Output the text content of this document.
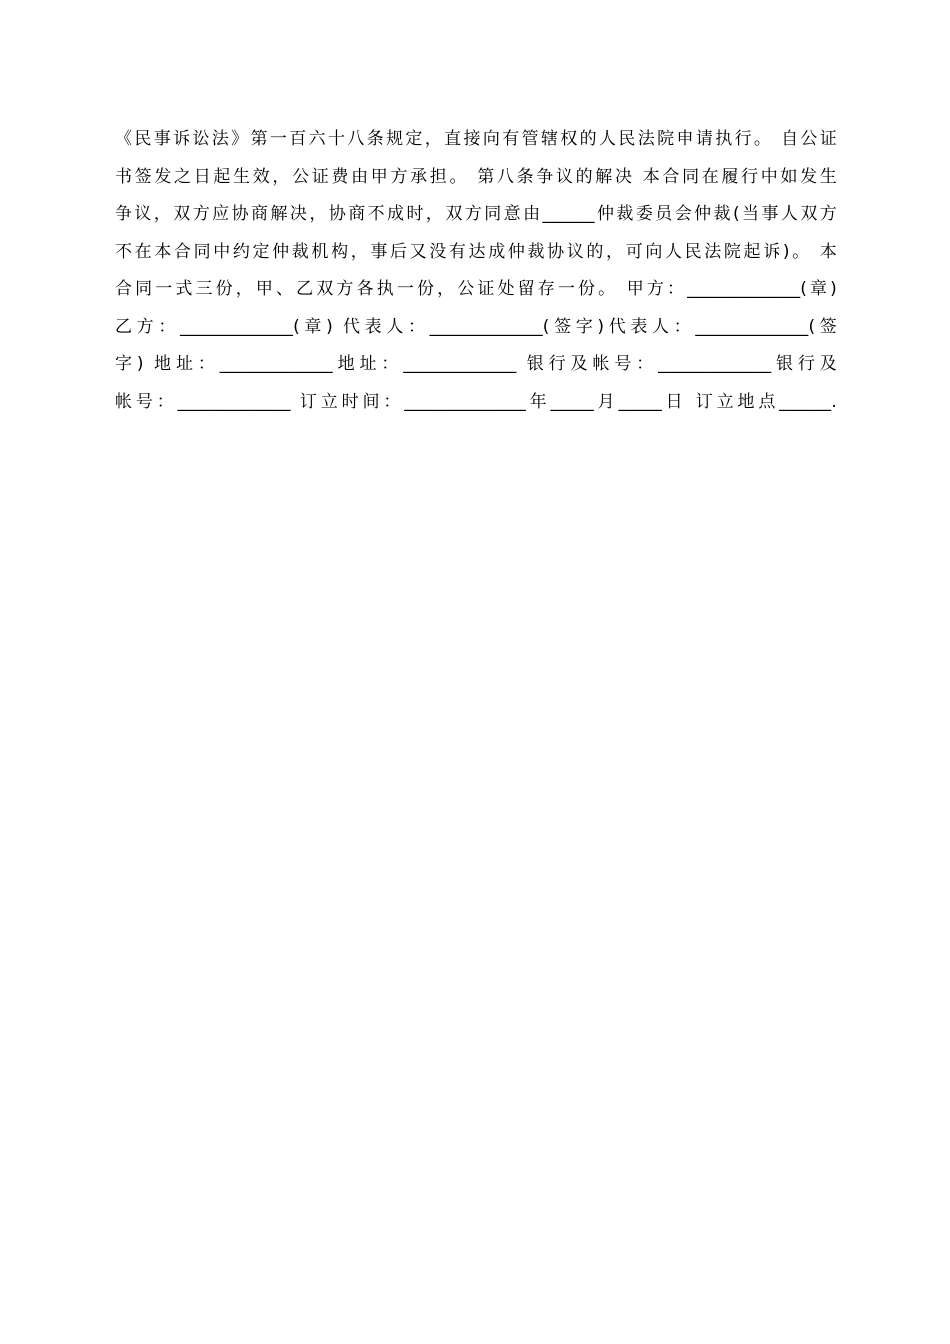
《民事诉讼法》第一百六十八条规定，直接向有管辖权的人民法院申请执行。 自公证
书签发之日起生效，公证费由甲方承担。 第八条争议的解决 本合同在履行中如发生
争议，双方应协商解决，协商不成时，双方同意由______仲裁委员会仲裁(当事人双方
不在本合同中约定仲裁机构，事后又没有达成仲裁协议的，可向人民法院起诉)。 本
合同一式三份，甲、乙双方各执一份，公证处留存一份。 甲方：_____________(章)
乙方：_____________(章) 代表人：_____________(签字)代表人：_____________(签
字) 地址：_____________地址：_____________ 银行及帐号：_____________银行及
帐号：_____________ 订立时间：______________年_____月_____日 订立地点______.
